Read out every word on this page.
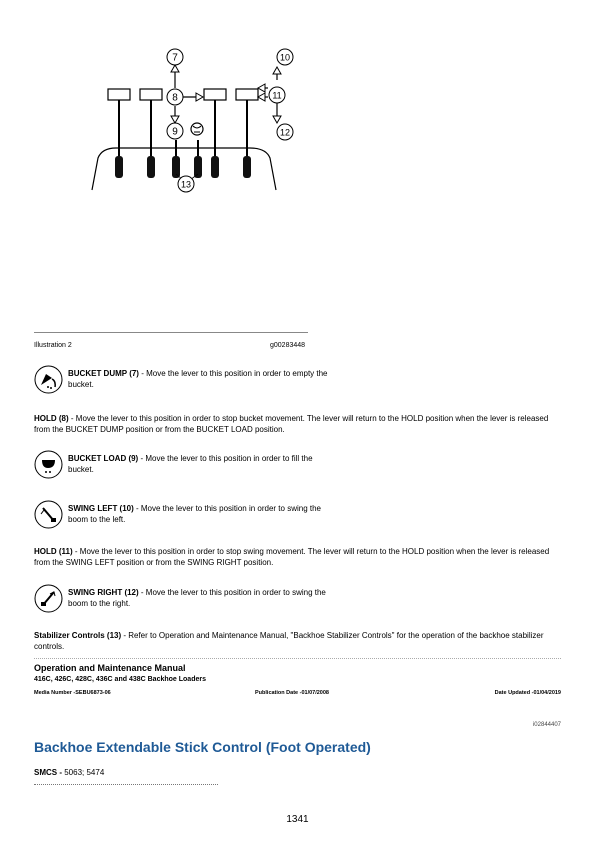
7
8
9
10
11
12
13
Illustration 2	g00283448
BUCKET DUMP (7) - Move the lever to this position in order to empty the bucket.
HOLD (8) - Move the lever to this position in order to stop bucket movement. The lever will return to the HOLD position when the lever is released from the BUCKET DUMP position or from the BUCKET LOAD position.
BUCKET LOAD (9) - Move the lever to this position in order to fill the bucket.
SWING LEFT (10) - Move the lever to this position in order to swing the boom to the left.
HOLD (11) - Move the lever to this position in order to stop swing movement. The lever will return to the HOLD position when the lever is released from the SWING LEFT position or from the SWING RIGHT position.
SWING RIGHT (12) - Move the lever to this position in order to swing the boom to the right.
Stabilizer Controls (13) - Refer to Operation and Maintenance Manual, "Backhoe Stabilizer Controls" for the operation of the backhoe stabilizer controls.
Operation and Maintenance Manual
416C, 426C, 428C, 436C and 438C Backhoe Loaders
Media Number -SEBU6873-06	Publication Date -01/07/2008	Date Updated -01/04/2019
i02844407
Backhoe Extendable Stick Control (Foot Operated)
SMCS - 5063; 5474
1341
